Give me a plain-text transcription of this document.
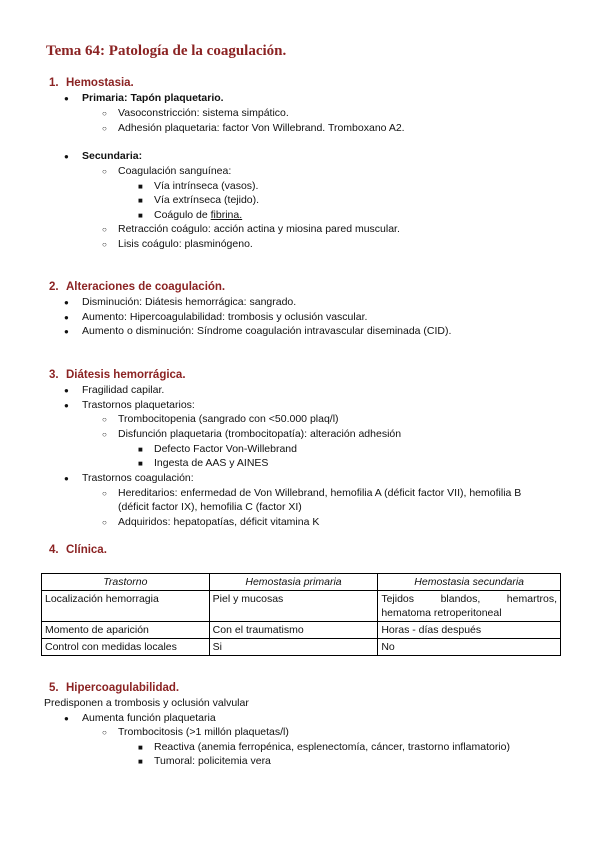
Tema 64: Patología de la coagulación.
1. Hemostasia.
●
Primaria: Tapón plaquetario.
○
Vasoconstricción: sistema simpático.
○
Adhesión plaquetaria: factor Von Willebrand. Tromboxano A2.
●
Secundaria:
○
Coagulación sanguínea:
■
Vía intrínseca (vasos).
■
Vía extrínseca (tejido).
■
Coágulo de fibrina.
○
Retracción coágulo: acción actina y miosina pared muscular.
○
Lisis coágulo: plasminógeno.
2. Alteraciones de coagulación.
●
Disminución: Diátesis hemorrágica: sangrado.
●
Aumento: Hipercoagulabilidad: trombosis y oclusión vascular.
●
Aumento o disminución: Síndrome coagulación intravascular diseminada (CID).
3. Diátesis hemorrágica.
●
Fragilidad capilar.
●
Trastornos plaquetarios:
○
Trombocitopenia (sangrado con <50.000 plaq/l)
○
Disfunción plaquetaria (trombocitopatía): alteración adhesión
■
Defecto Factor Von-Willebrand
■
Ingesta de AAS y AINES
●
Trastornos coagulación:
○
Hereditarios: enfermedad de Von Willebrand, hemofilia A (déficit factor VII), hemofilia B
(déficit factor IX), hemofilia C (factor XI)
○
Adquiridos: hepatopatías, déficit vitamina K
4. Clínica.
Trastorno	Hemostasia primaria	Hemostasia secundaria
Localización hemorragia	Piel y mucosas	Tejidos blandos, hemartros, hematoma retroperitoneal
Momento de aparición	Con el traumatismo	Horas - días después
Control con medidas locales	Si	No
5. Hipercoagulabilidad.
Predisponen a trombosis y oclusión valvular
●
Aumenta función plaquetaria
○
Trombocitosis (>1 millón plaquetas/l)
■
Reactiva (anemia ferropénica, esplenectomía, cáncer, trastorno inflamatorio)
■
Tumoral: policitemia vera
